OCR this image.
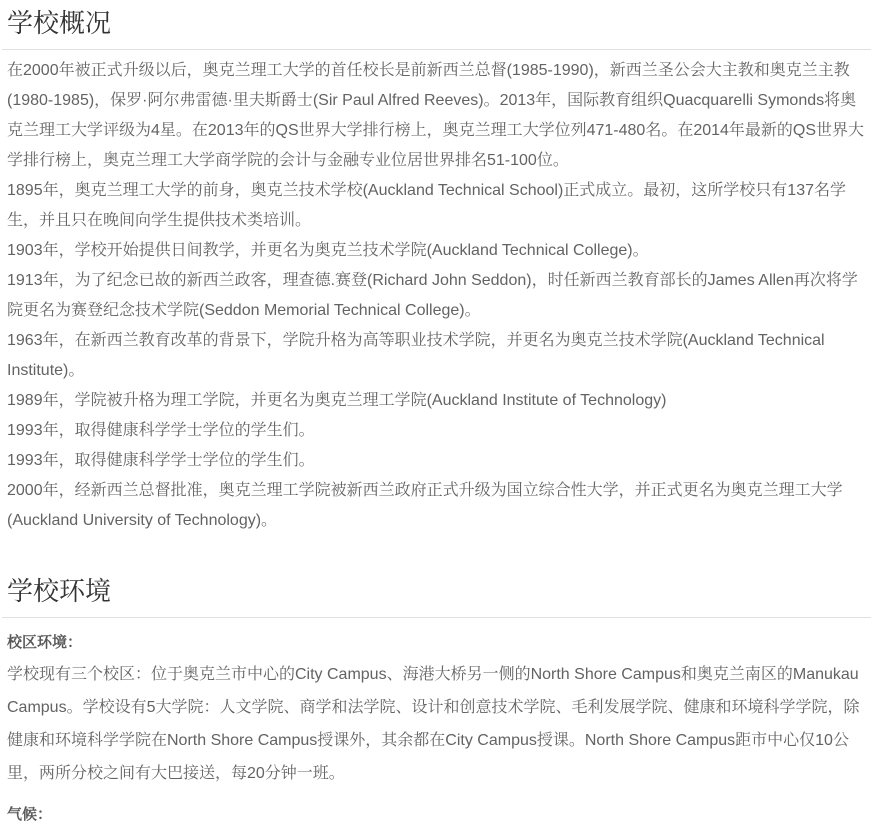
学校概况

在2000年被正式升级以后，奥克兰理工大学的首任校长是前新西兰总督(1985-1990)，新西兰圣公会大主教和奥克兰主教(1980-1985)，保罗·阿尔弗雷德·里夫斯爵士(Sir Paul Alfred Reeves)。2013年，国际教育组织Quacquarelli Symonds将奥克兰理工大学评级为4星。在2013年的QS世界大学排行榜上，奥克兰理工大学位列471-480名。在2014年最新的QS世界大学排行榜上，奥克兰理工大学商学院的会计与金融专业位居世界排名51-100位。

1895年，奥克兰理工大学的前身，奥克兰技术学校(Auckland Technical School)正式成立。最初，这所学校只有137名学生，并且只在晚间向学生提供技术类培训。

1903年，学校开始提供日间教学，并更名为奥克兰技术学院(Auckland Technical College)。

1913年，为了纪念已故的新西兰政客，理查德.赛登(Richard John Seddon)，时任新西兰教育部长的James Allen再次将学院更名为赛登纪念技术学院(Seddon Memorial Technical College)。

1963年，在新西兰教育改革的背景下，学院升格为高等职业技术学院，并更名为奥克兰技术学院(Auckland Technical Institute)。

1989年，学院被升格为理工学院，并更名为奥克兰理工学院(Auckland Institute of Technology)

1993年，取得健康科学学士学位的学生们。

1993年，取得健康科学学士学位的学生们。

2000年，经新西兰总督批准，奥克兰理工学院被新西兰政府正式升级为国立综合性大学，并正式更名为奥克兰理工大学(Auckland University of Technology)。

学校环境

校区环境：

学校现有三个校区：位于奥克兰市中心的City Campus、海港大桥另一侧的North Shore Campus和奥克兰南区的Manukau Campus。学校设有5大学院：人文学院、商学和法学院、设计和创意技术学院、毛利发展学院、健康和环境科学学院，除健康和环境科学学院在North Shore Campus授课外，其余都在City Campus授课。North Shore Campus距市中心仅10公里，两所分校之间有大巴接送，每20分钟一班。

气候：
